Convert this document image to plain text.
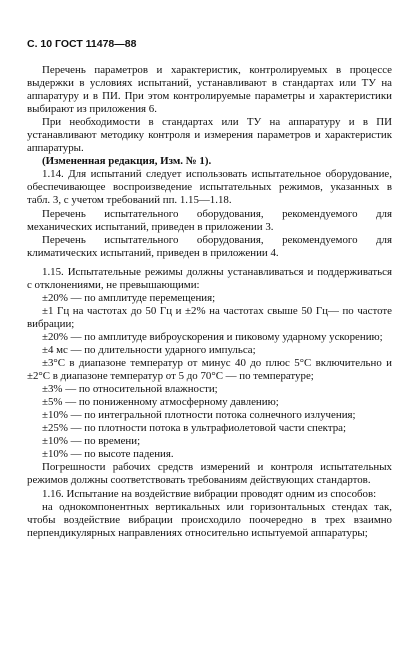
С. 10 ГОСТ 11478—88

Перечень параметров и характеристик, контролируемых в процессе выдержки в условиях испытаний, устанавливают в стандартах или ТУ на аппаратуру и в ПИ. При этом контролируемые параметры и характеристики выбирают из приложения 6.

При необходимости в стандартах или ТУ на аппаратуру и в ПИ устанавливают методику контроля и измерения параметров и характеристик аппаратуры.

(Измененная редакция, Изм. № 1).

1.14. Для испытаний следует использовать испытательное оборудование, обеспечивающее воспроизведение испытательных режимов, указанных в табл. 3, с учетом требований пп. 1.15—1.18.

Перечень испытательного оборудования, рекомендуемого для механических испытаний, приведен в приложении 3.

Перечень испытательного оборудования, рекомендуемого для климатических испытаний, приведен в приложении 4.

1.15. Испытательные режимы должны устанавливаться и поддерживаться с отклонениями, не превышающими:

±20% — по амплитуде перемещения;

±1 Гц на частотах до 50 Гц и ±2% на частотах свыше 50 Гц— по частоте вибрации;

±20% — по амплитуде виброускорения и пиковому ударному ускорению;

±4 мс — по длительности ударного импульса;

±3°С в диапазоне температур от минус 40 до плюс 5°С включительно и ±2°С в диапазоне температур от 5 до 70°С — по температуре;

±3% — по относительной влажности;

±5% — по пониженному атмосферному давлению;

±10% — по интегральной плотности потока солнечного излучения;

±25% — по плотности потока в ультрафиолетовой части спектра;

±10% — по времени;

±10% — по высоте падения.

Погрешности рабочих средств измерений и контроля испытательных режимов должны соответствовать требованиям действующих стандартов.

1.16. Испытание на воздействие вибрации проводят одним из способов:

на однокомпонентных вертикальных или горизонтальных стендах так, чтобы воздействие вибрации происходило поочередно в трех взаимно перпендикулярных направлениях относительно испытуемой аппаратуры;
